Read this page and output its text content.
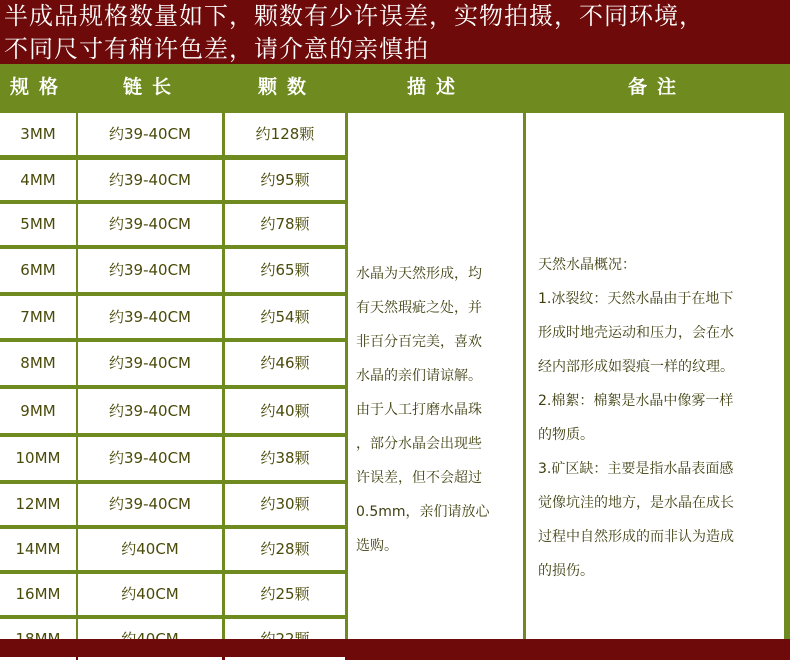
半成品规格数量如下，颗数有少许误差，实物拍摄，不同环境，
不同尺寸有稍许色差，请介意的亲慎拍
规格	链长	颗数	描述	备注
3MM	约39-40CM	约128颗
4MM	约39-40CM	约95颗
5MM	约39-40CM	约78颗
6MM	约39-40CM	约65颗
7MM	约39-40CM	约54颗
8MM	约39-40CM	约46颗
9MM	约39-40CM	约40颗
10MM	约39-40CM	约38颗
12MM	约39-40CM	约30颗
14MM	约40CM	约28颗
16MM	约40CM	约25颗
水晶为天然形成，均
有天然瑕疵之处，并
非百分百完美，喜欢
水晶的亲们请谅解。
由于人工打磨水晶珠
，部分水晶会出现些
许误差，但不会超过
0.5mm，亲们请放心
选购。
天然水晶概况：
1.冰裂纹：天然水晶由于在地下
形成时地壳运动和压力，会在水
经内部形成如裂痕一样的纹理。
2.棉絮：棉絮是水晶中像雾一样
的物质。
3.矿区缺：主要是指水晶表面感
觉像坑洼的地方，是水晶在成长
过程中自然形成的而非认为造成
的损伤。
